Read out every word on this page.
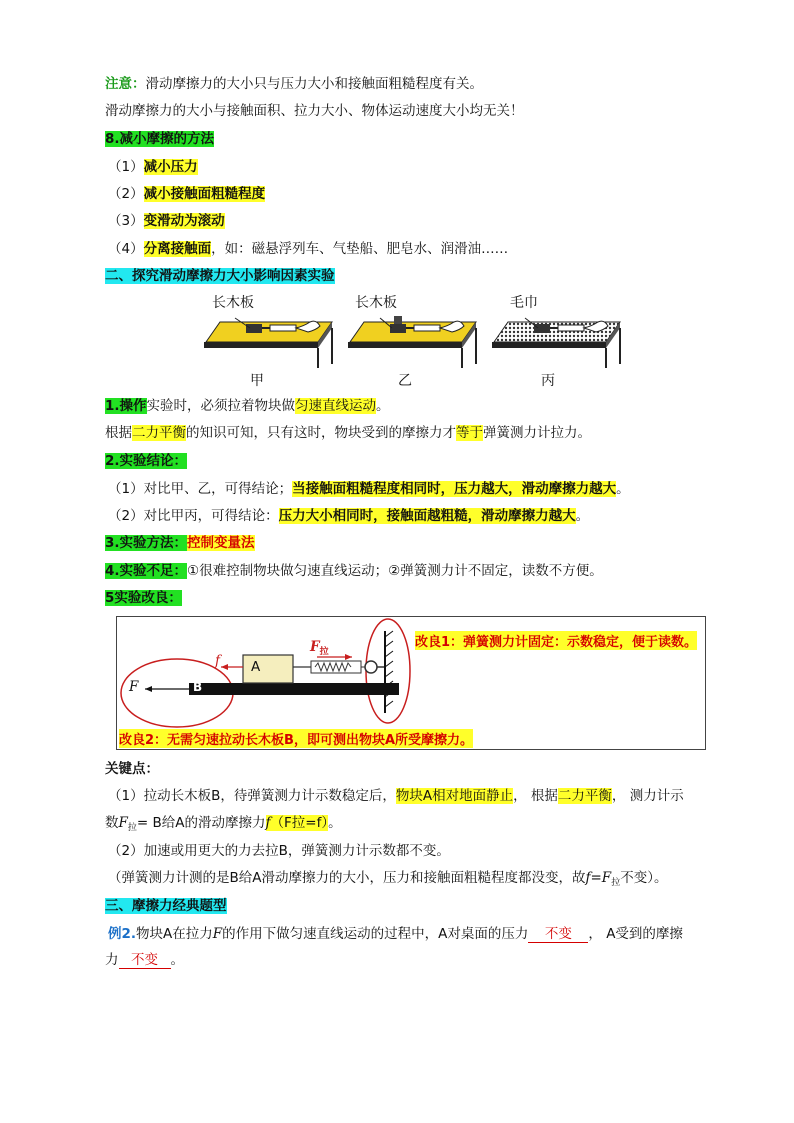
注意：滑动摩擦力的大小只与压力大小和接触面粗糙程度有关。
滑动摩擦力的大小与接触面积、拉力大小、物体运动速度大小均无关！
8.减小摩擦的方法
（1）减小压力
（2）减小接触面粗糙程度
（3）变滑动为滚动
（4）分离接触面，如：磁悬浮列车、气垫船、肥皂水、润滑油……
二、探究滑动摩擦力大小影响因素实验
长木板	长木板	毛巾
甲	乙	丙
1.操作实验时，必须拉着物块做匀速直线运动。
根据二力平衡的知识可知，只有这时，物块受到的摩擦力才等于弹簧测力计拉力。
2.实验结论：
（1）对比甲、乙，可得结论；当接触面粗糙程度相同时，压力越大，滑动摩擦力越大。
（2）对比甲丙，可得结论：压力大小相同时，接触面越粗糙，滑动摩擦力越大。
3.实验方法：控制变量法
4.实验不足：①很难控制物块做匀速直线运动；②弹簧测力计不固定，读数不方便。
5实验改良：
f A
$F_拉$
F	B
改良1：弹簧测力计固定：示数稳定，便于读数。
改良2：无需匀速拉动长木板B，即可测出物块A所受摩擦力。
关键点：
（1）拉动长木板B，待弹簧测力计示数稳定后，物块A相对地面静止， 根据二力平衡， 测力计示
数$F_拉= B$给A的滑动摩擦力f（F拉=f）。
（2）加速或用更大的力去拉B，弹簧测力计示数都不变。
（弹簧测力计测的是B给A滑动摩擦力的大小，压力和接触面粗糙程度都没变，故$f=F_拉$不变）。
三、摩擦力经典题型
例2.物块A在拉力F的作用下做匀速直线运动的过程中，A对桌面的压力 不变 ， A受到的摩擦
力 不变 。
